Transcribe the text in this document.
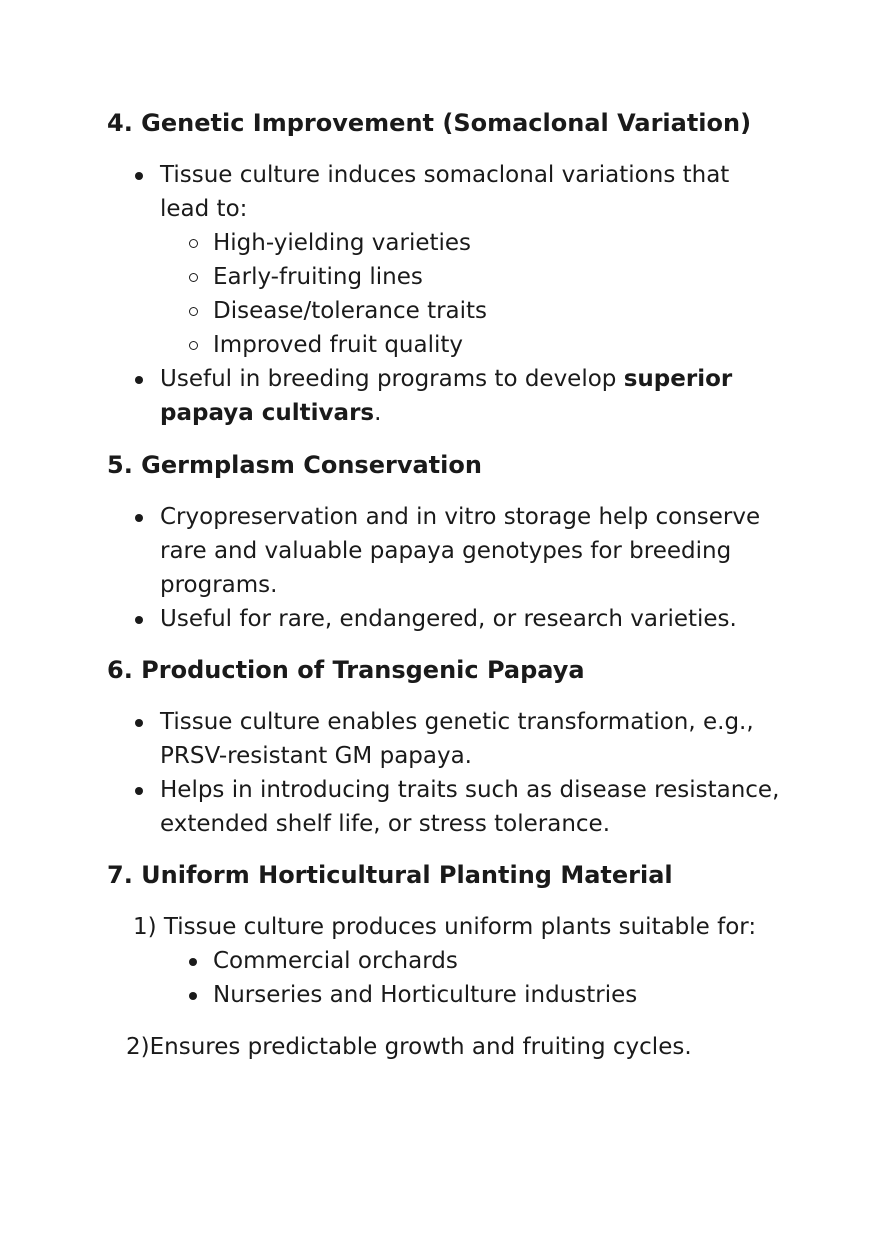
4. Genetic Improvement (Somaclonal Variation)
Tissue culture induces somaclonal variations that
lead to:
High-yielding varieties
Early-fruiting lines
Disease/tolerance traits
Improved fruit quality
Useful in breeding programs to develop superior
papaya cultivars.
5. Germplasm Conservation
Cryopreservation and in vitro storage help conserve
rare and valuable papaya genotypes for breeding
programs.
Useful for rare, endangered, or research varieties.
6. Production of Transgenic Papaya
Tissue culture enables genetic transformation, e.g.,
PRSV-resistant GM papaya.
Helps in introducing traits such as disease resistance,
extended shelf life, or stress tolerance.
7. Uniform Horticultural Planting Material
1) Tissue culture produces uniform plants suitable for:
Commercial orchards
Nurseries and Horticulture industries
2)Ensures predictable growth and fruiting cycles.
